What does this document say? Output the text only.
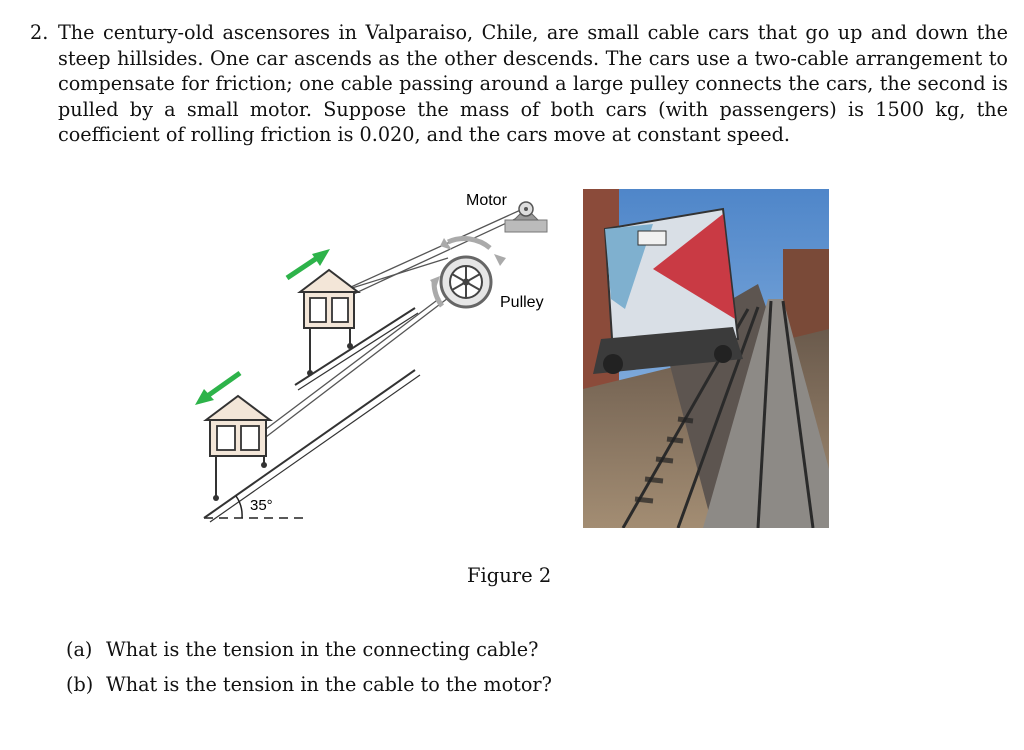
2. The century-old ascensores in Valparaiso, Chile, are small cable cars that go up and down the steep hillsides. One car ascends as the other descends. The cars use a two-cable arrangement to compensate for friction; one cable passing around a large pulley connects the cars, the second is pulled by a small motor. Suppose the mass of both cars (with passengers) is 1500 kg, the coefficient of rolling friction is 0.020, and the cars move at constant speed.
35°
Motor
Pulley
Figure 2
(a) What is the tension in the connecting cable?
(b) What is the tension in the cable to the motor?
